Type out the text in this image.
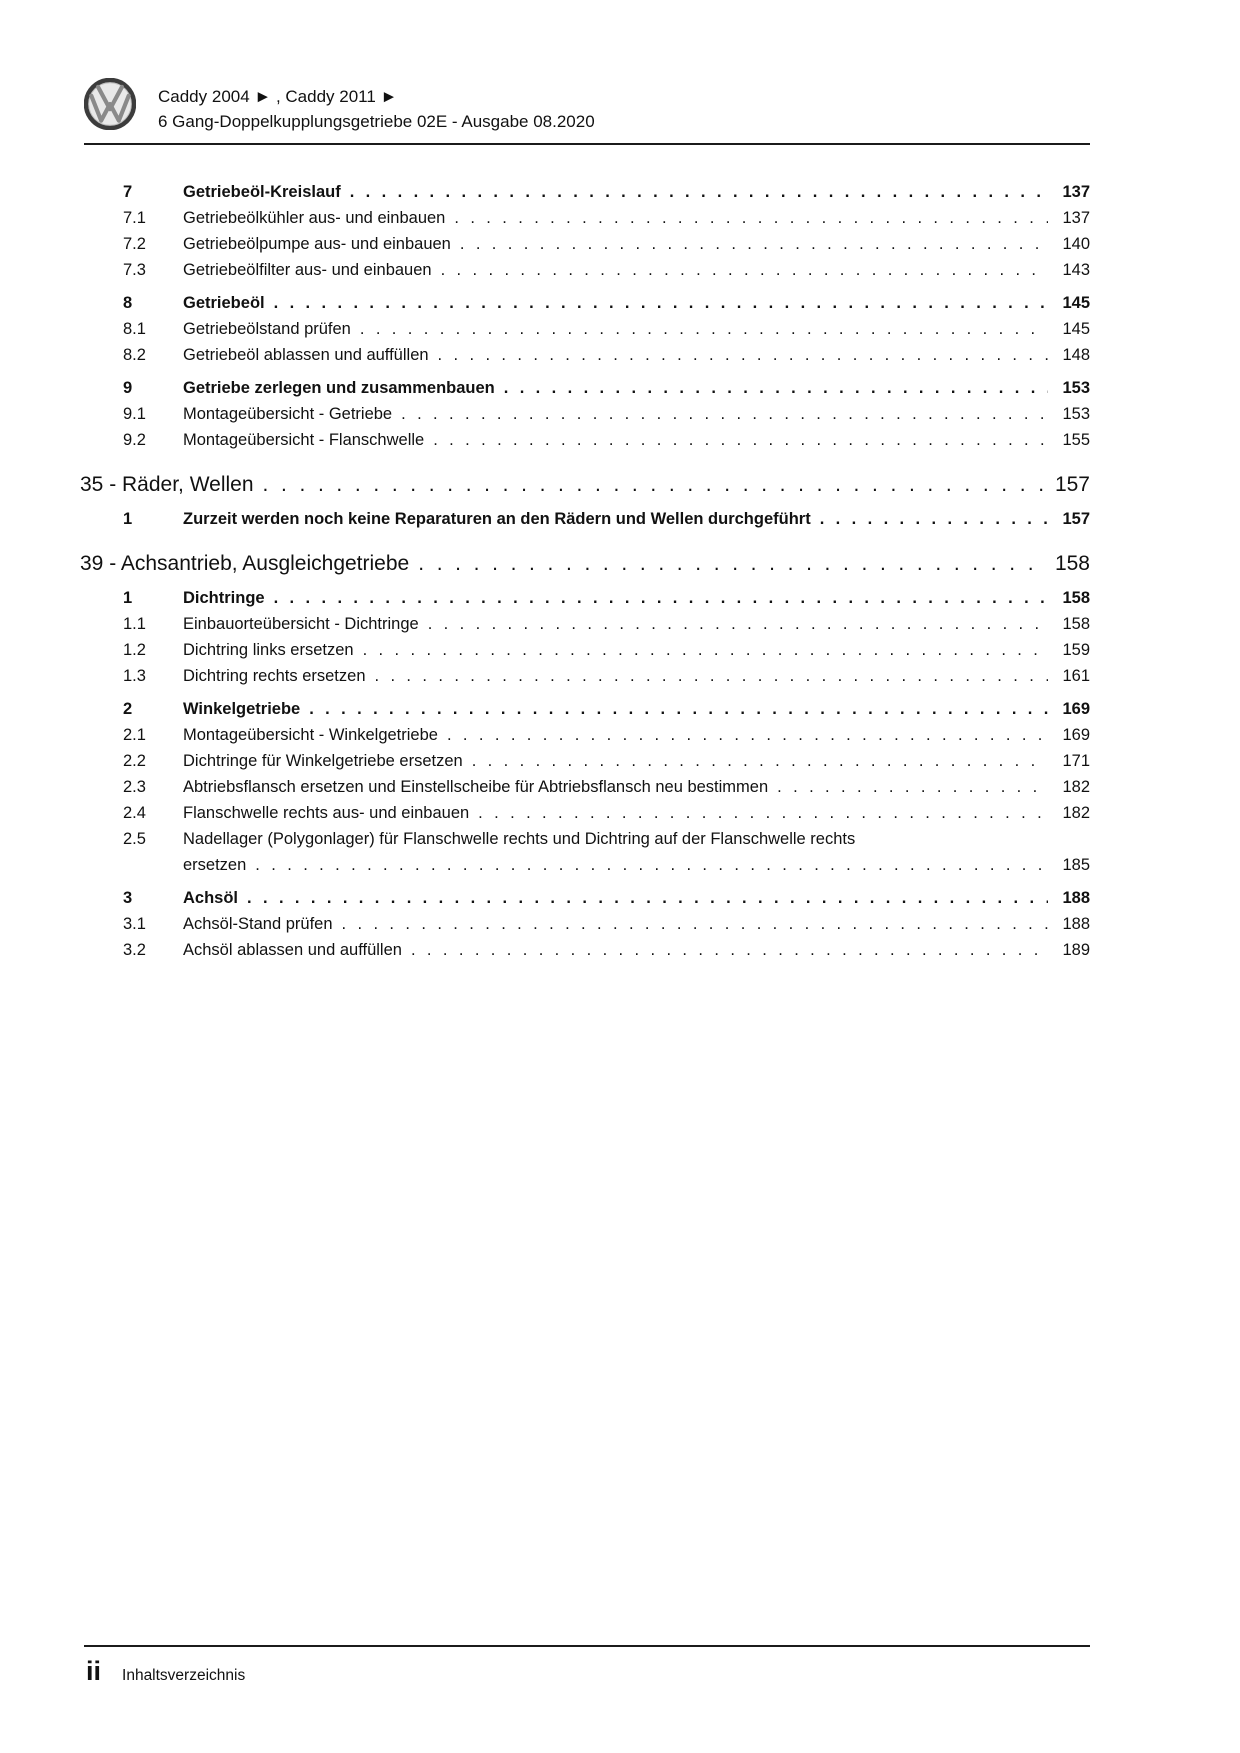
Caddy 2004 ► , Caddy 2011 ►
6 Gang-Doppelkupplungsgetriebe 02E - Ausgabe 08.2020
7	Getriebeöl-Kreislauf . . .	137
7.1	Getriebeölkühler aus- und einbauen . . .	137
7.2	Getriebeölpumpe aus- und einbauen . . .	140
7.3	Getriebeölfilter aus- und einbauen . . .	143
8	Getriebeöl . . .	145
8.1	Getriebeölstand prüfen . . .	145
8.2	Getriebeöl ablassen und auffüllen . . .	148
9	Getriebe zerlegen und zusammenbauen . . .	153
9.1	Montageübersicht - Getriebe . . .	153
9.2	Montageübersicht - Flanschwelle . . .	155
35 - Räder, Wellen . . .	157
1	Zurzeit werden noch keine Reparaturen an den Rädern und Wellen durchgeführt . . .	157
39 - Achsantrieb, Ausgleichgetriebe . . .	158
1	Dichtringe . . .	158
1.1	Einbauorteübersicht - Dichtringe . . .	158
1.2	Dichtring links ersetzen . . .	159
1.3	Dichtring rechts ersetzen . . .	161
2	Winkelgetriebe . . .	169
2.1	Montageübersicht - Winkelgetriebe . . .	169
2.2	Dichtringe für Winkelgetriebe ersetzen . . .	171
2.3	Abtriebsflansch ersetzen und Einstellscheibe für Abtriebsflansch neu bestimmen . . .	182
2.4	Flanschwelle rechts aus- und einbauen . . .	182
2.5	Nadellager (Polygonlager) für Flanschwelle rechts und Dichtring auf der Flanschwelle rechts
ersetzen . . .	185
3	Achsöl . . .	188
3.1	Achsöl-Stand prüfen . . .	188
3.2	Achsöl ablassen und auffüllen . . .	189
ii Inhaltsverzeichnis
